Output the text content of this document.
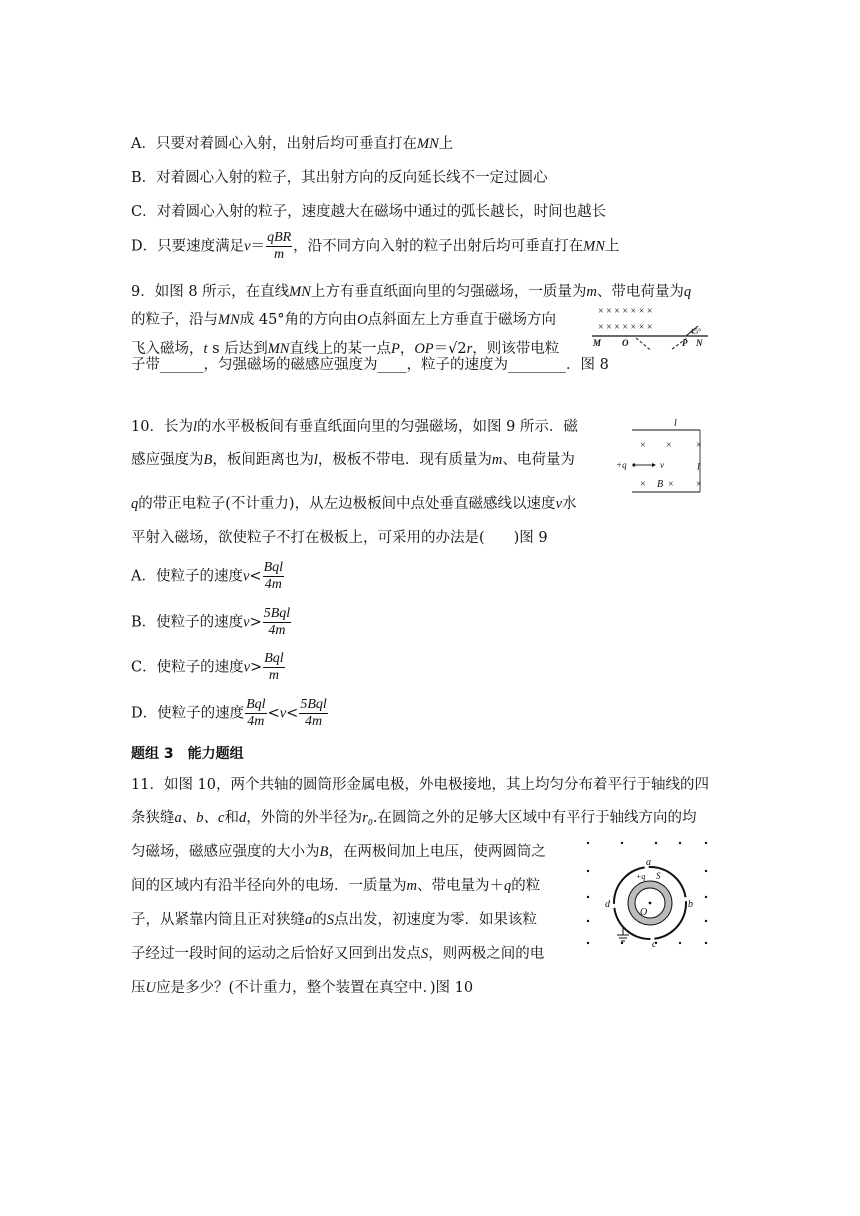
A．只要对着圆心入射，出射后均可垂直打在MN上
B．对着圆心入射的粒子，其出射方向的反向延长线不一定过圆心
C．对着圆心入射的粒子，速度越大在磁场中通过的弧长越长，时间也越长
D．只要速度满足$v= \frac{\text{qBR}}{m}$ ，沿不同方向入射的粒子出射后均可垂直打在MN上
9．如图 8 所示，在直线MN上方有垂直纸面向里的匀强磁场，一质量为m、带电荷量为q
的粒子，沿与MN成 45°角的方向由O点斜面左上方垂直于磁场方向
飞入磁场，t s 后达到MN直线上的某一点P，OP＝√2r，则该带电粒
子带______，匀强磁场的磁感应强度为____，粒子的速度为________．图 8
× × × × × × ×
× × × × × × ×	45°
M O	P N
10．长为l的水平极板间有垂直纸面向里的匀强磁场，如图 9 所示．磁
感应强度为B，板间距离也为l，极板不带电．现有质量为m、电荷量为
q的带正电粒子(不计重力)，从左边极板间中点处垂直磁感线以速度v水
平射入磁场，欲使粒子不打在极板上，可采用的办法是(　　)图 9
A．使粒子的速度$v< \frac{\text{Bql}}{4m}$
B．使粒子的速度$v> \frac{\text{5Bql}}{4m}$
C．使粒子的速度$v> \frac{\text{Bql}}{m}$
D．使粒子的速度 $\frac{\text{Bql}}{4m} <v< \frac{\text{5Bql}}{4m}$
l
× × ×
+q	v	l
× B × ×
题组 3　能力题组
11．如图 10，两个共轴的圆筒形金属电极，外电极接地，其上均匀分布着平行于轴线的四
条狭缝a、b、c和d，外筒的外半径为r₀.在圆筒之外的足够大区域中有平行于轴线方向的均
匀磁场，磁感应强度的大小为B，在两极间加上电压，使两圆筒之
间的区域内有沿半径向外的电场．一质量为m、带电量为＋q的粒
子，从紧靠内筒且正对狭缝a的S点出发，初速度为零．如果该粒
子经过一段时间的运动之后恰好又回到出发点S，则两极之间的电
压U应是多少？(不计重力，整个装置在真空中．)图 10
O
a
+q S
b
c
d
